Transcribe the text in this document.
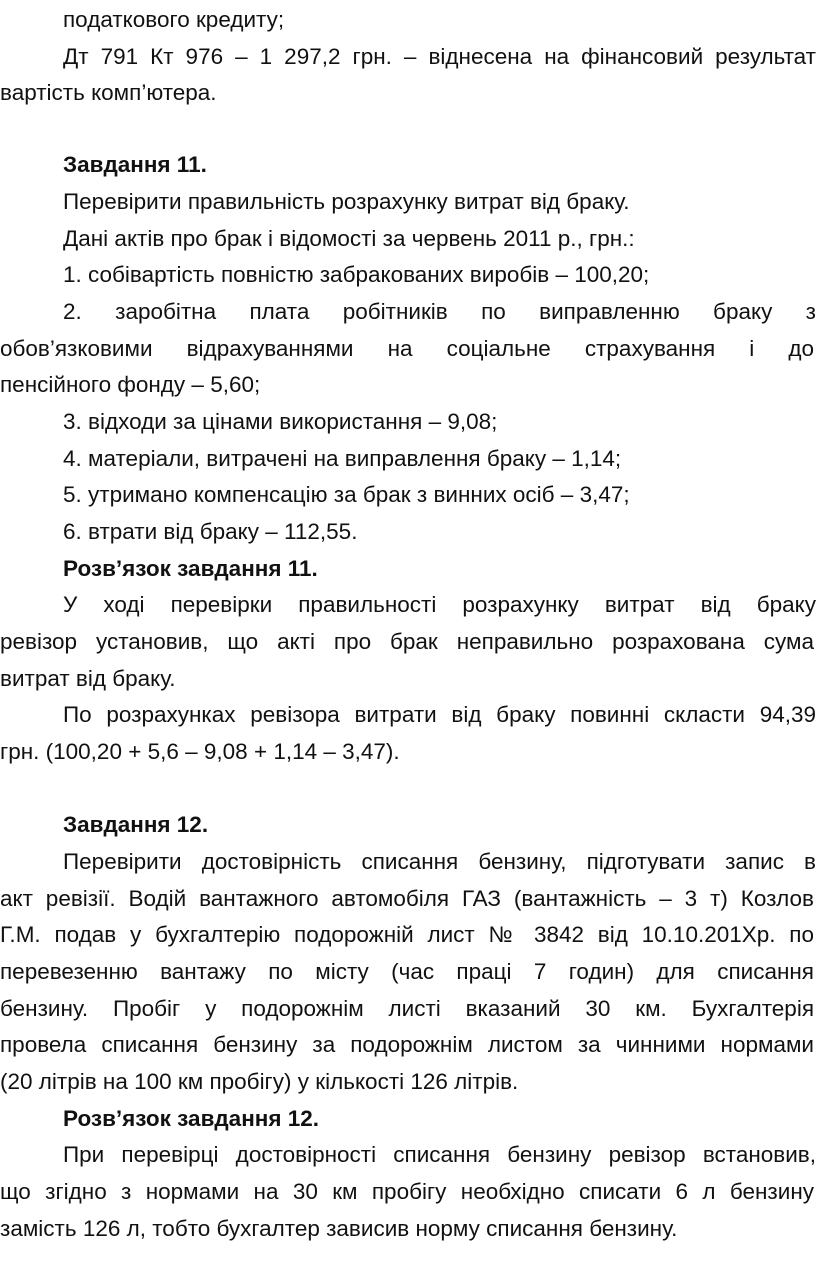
податкового кредиту;

Дт 791 Кт 976 – 1 297,2 грн. – віднесена на фінансовий результат

вартість комп’ютера.

Завдання 11.

Перевірити правильність розрахунку витрат від браку.

Дані актів про брак і відомості за червень 2011 р., грн.:

1. собівартість повністю забракованих виробів – 100,20;

2. заробітна плата робітників по виправленню браку з

обов’язковими відрахуваннями на соціальне страхування і до

пенсійного фонду – 5,60;

3. відходи за цінами використання – 9,08;

4. матеріали, витрачені на виправлення браку – 1,14;

5. утримано компенсацію за брак з винних осіб – 3,47;

6. втрати від браку – 112,55.

Розв’язок завдання 11.

У ході перевірки правильності розрахунку витрат від браку

ревізор установив, що акті про брак неправильно розрахована сума

витрат від браку.

По розрахунках ревізора витрати від браку повинні скласти 94,39

грн. (100,20 + 5,6 – 9,08 + 1,14 – 3,47).

Завдання 12.

Перевірити достовірність списання бензину, підготувати запис в

акт ревізії. Водій вантажного автомобіля ГАЗ (вантажність – 3 т) Козлов

Г.М. подав у бухгалтерію подорожній лист № 3842 від 10.10.201Хр. по

перевезенню вантажу по місту (час праці 7 годин) для списання

бензину. Пробіг у подорожнім листі вказаний 30 км. Бухгалтерія

провела списання бензину за подорожнім листом за чинними нормами

(20 літрів на 100 км пробігу) у кількості 126 літрів.

Розв’язок завдання 12.

При перевірці достовірності списання бензину ревізор встановив,

що згідно з нормами на 30 км пробігу необхідно списати 6 л бензину

замість 126 л, тобто бухгалтер зависив норму списання бензину.
